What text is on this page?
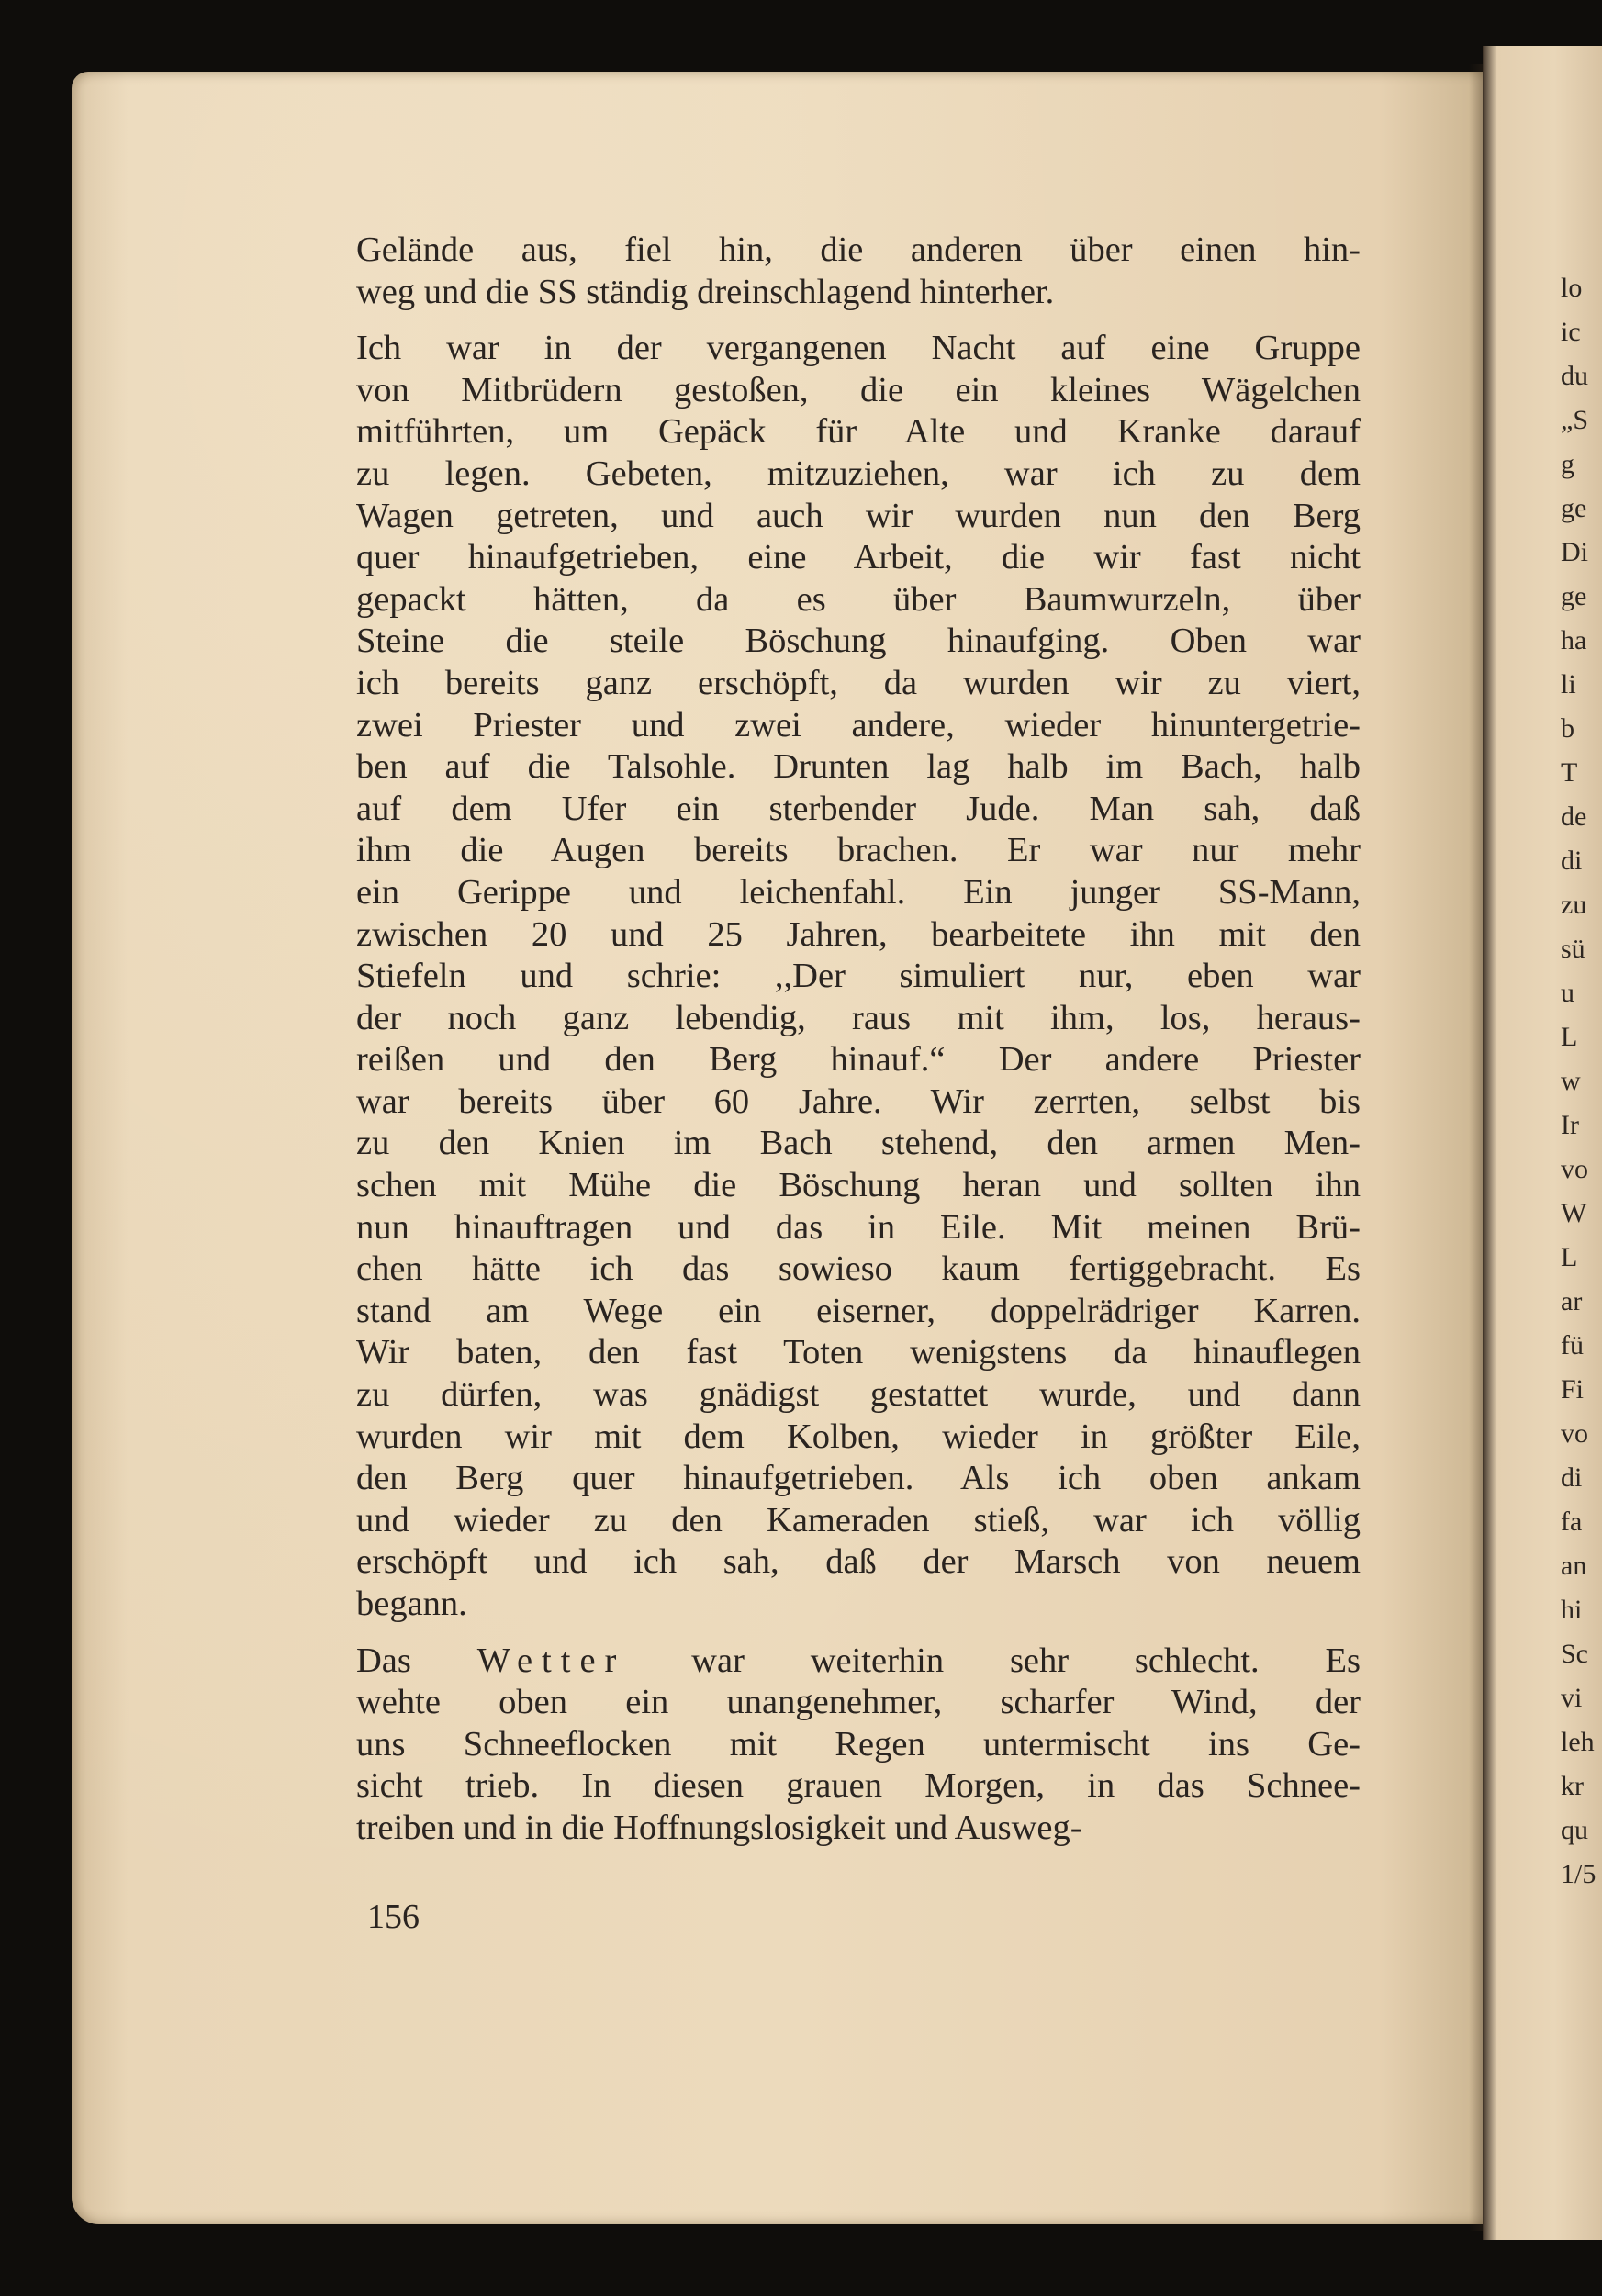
lo
ic
du
„S
g
ge
Di
ge
ha
li
b
T
de
di
zu
sü
u
L
w
Ir
vo
W
L
ar
fü
Fi
vo
di
fa
an
hi
Sc
vi
leh
kr
qu
1/5

Gelände aus, fiel hin, die anderen über einen hin-
weg und die SS ständig dreinschlagend hinterher.

Ich war in der vergangenen Nacht auf eine Gruppe
von Mitbrüdern gestoßen, die ein kleines Wägelchen
mitführten, um Gepäck für Alte und Kranke darauf
zu legen. Gebeten, mitzuziehen, war ich zu dem
Wagen getreten, und auch wir wurden nun den Berg
quer hinaufgetrieben, eine Arbeit, die wir fast nicht
gepackt hätten, da es über Baumwurzeln, über
Steine die steile Böschung hinaufging. Oben war
ich bereits ganz erschöpft, da wurden wir zu viert,
zwei Priester und zwei andere, wieder hinuntergetrie-
ben auf die Talsohle. Drunten lag halb im Bach, halb
auf dem Ufer ein sterbender Jude. Man sah, daß
ihm die Augen bereits brachen. Er war nur mehr
ein Gerippe und leichenfahl. Ein junger SS-Mann,
zwischen 20 und 25 Jahren, bearbeitete ihn mit den
Stiefeln und schrie: ,,Der simuliert nur, eben war
der noch ganz lebendig, raus mit ihm, los, heraus-
reißen und den Berg hinauf.“ Der andere Priester
war bereits über 60 Jahre. Wir zerrten, selbst bis
zu den Knien im Bach stehend, den armen Men-
schen mit Mühe die Böschung heran und sollten ihn
nun hinauftragen und das in Eile. Mit meinen Brü-
chen hätte ich das sowieso kaum fertiggebracht. Es
stand am Wege ein eiserner, doppelrädriger Karren.
Wir baten, den fast Toten wenigstens da hinauflegen
zu dürfen, was gnädigst gestattet wurde, und dann
wurden wir mit dem Kolben, wieder in größter Eile,
den Berg quer hinaufgetrieben. Als ich oben ankam
und wieder zu den Kameraden stieß, war ich völlig
erschöpft und ich sah, daß der Marsch von neuem
begann.

Das Wetter war weiterhin sehr schlecht. Es
wehte oben ein unangenehmer, scharfer Wind, der
uns Schneeflocken mit Regen untermischt ins Ge-
sicht trieb. In diesen grauen Morgen, in das Schnee-
treiben und in die Hoffnungslosigkeit und Ausweg-

156
